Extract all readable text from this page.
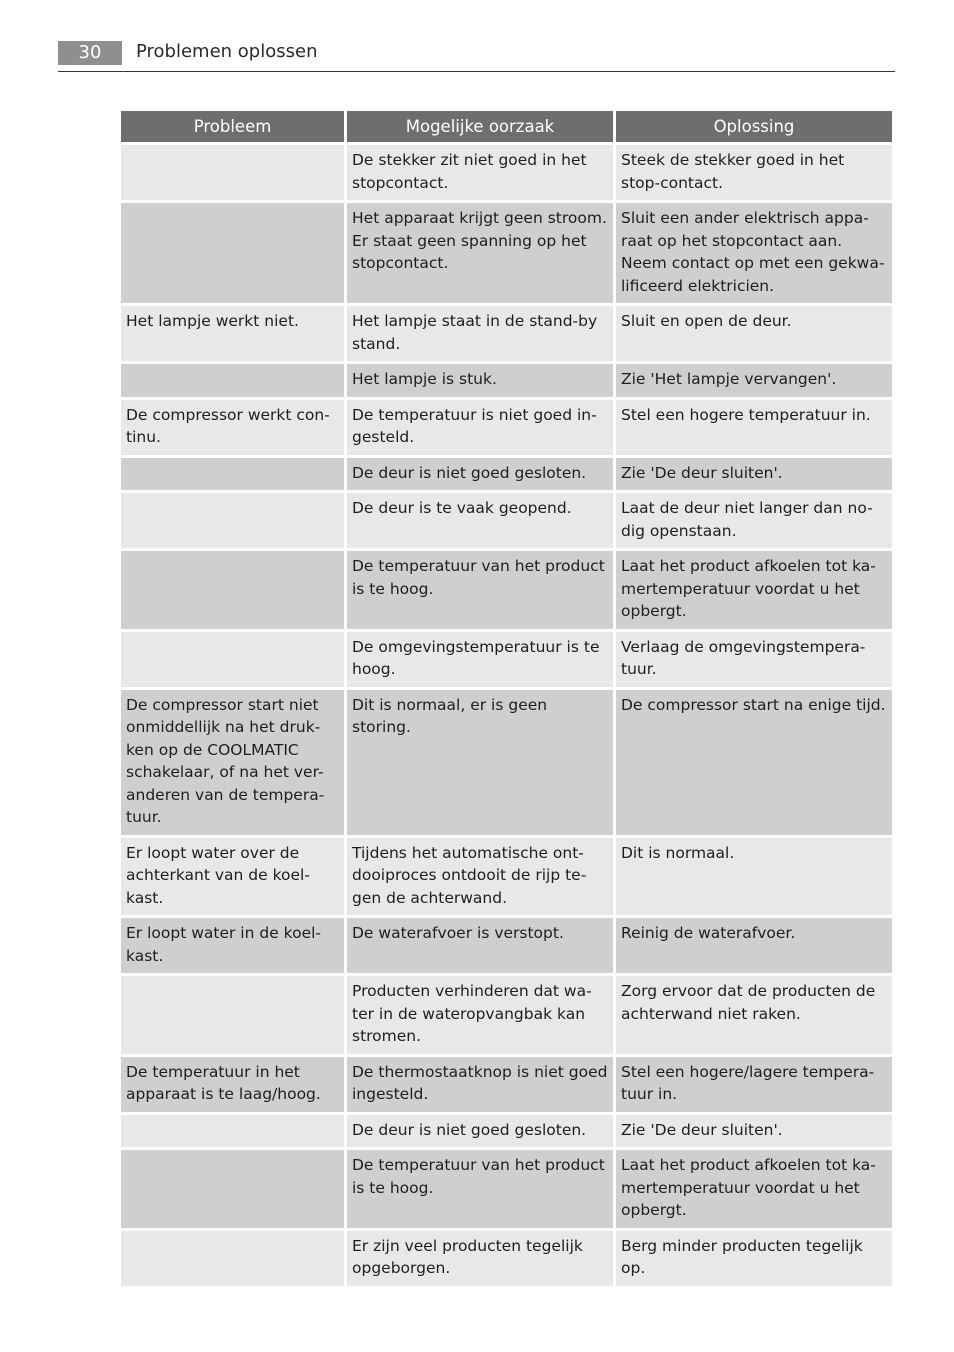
30	Problemen oplossen
Probleem	Mogelijke oorzaak	Oplossing
	De stekker zit niet goed in het stopcontact.	Steek de stekker goed in het stop-contact.
	Het apparaat krijgt geen stroom. Er staat geen spanning op het stopcontact.	Sluit een ander elektrisch appa-raat op het stopcontact aan. Neem contact op met een gekwa-lificeerd elektricien.
Het lampje werkt niet.	Het lampje staat in de stand-by stand.	Sluit en open de deur.
	Het lampje is stuk.	Zie 'Het lampje vervangen'.
De compressor werkt con-tinu.	De temperatuur is niet goed in-gesteld.	Stel een hogere temperatuur in.
	De deur is niet goed gesloten.	Zie 'De deur sluiten'.
	De deur is te vaak geopend.	Laat de deur niet langer dan no-dig openstaan.
	De temperatuur van het product is te hoog.	Laat het product afkoelen tot ka-mertemperatuur voordat u het opbergt.
	De omgevingstemperatuur is te hoog.	Verlaag de omgevingstempera-tuur.
De compressor start niet onmiddellijk na het druk-ken op de COOLMATIC schakelaar, of na het ver-anderen van de tempera-tuur.	Dit is normaal, er is geen storing.	De compressor start na enige tijd.
Er loopt water over de achterkant van de koel-kast.	Tijdens het automatische ont-dooiproces ontdooit de rijp te-gen de achterwand.	Dit is normaal.
Er loopt water in de koel-kast.	De waterafvoer is verstopt.	Reinig de waterafvoer.
	Producten verhinderen dat wa-ter in de wateropvangbak kan stromen.	Zorg ervoor dat de producten de achterwand niet raken.
De temperatuur in het apparaat is te laag/hoog.	De thermostaatknop is niet goed ingesteld.	Stel een hogere/lagere tempera-tuur in.
	De deur is niet goed gesloten.	Zie 'De deur sluiten'.
	De temperatuur van het product is te hoog.	Laat het product afkoelen tot ka-mertemperatuur voordat u het opbergt.
	Er zijn veel producten tegelijk opgeborgen.	Berg minder producten tegelijk op.
